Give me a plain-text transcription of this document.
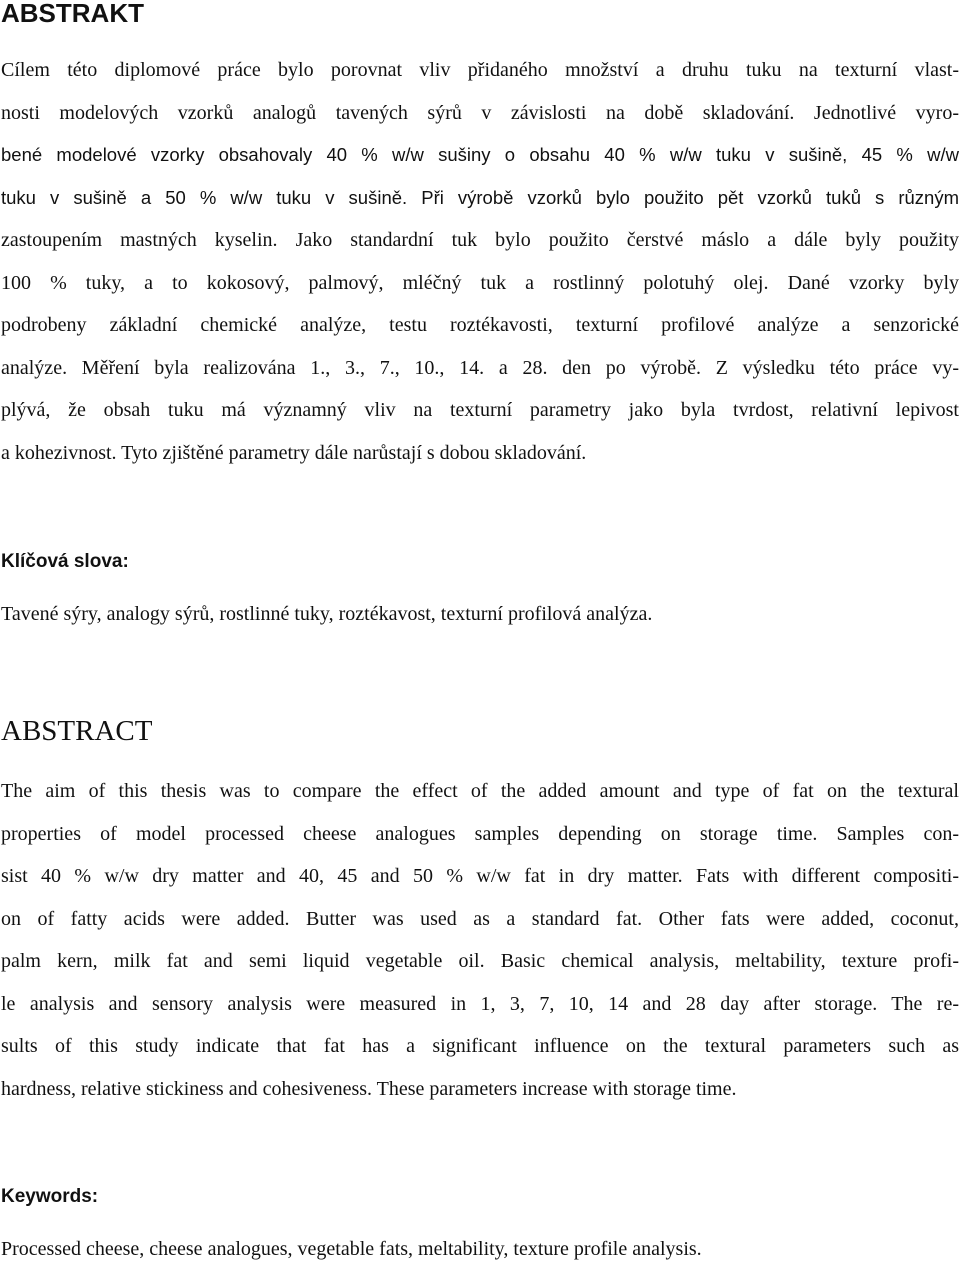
ABSTRAKT
Cílem této diplomové práce bylo porovnat vliv přidaného množství a druhu tuku na texturní vlast-
nosti modelových vzorků analogů tavených sýrů v závislosti na době skladování. Jednotlivé vyro-
bené modelové vzorky obsahovaly 40 % w/w sušiny o obsahu 40 % w/w tuku v sušině, 45 % w/w
tuku v sušině a 50 % w/w tuku v sušině. Při výrobě vzorků bylo použito pět vzorků tuků s různým
zastoupením mastných kyselin. Jako standardní tuk bylo použito čerstvé máslo a dále byly použity
100 % tuky, a to kokosový, palmový, mléčný tuk a rostlinný polotuhý olej. Dané vzorky byly
podrobeny základní chemické analýze, testu roztékavosti, texturní profilové analýze a senzorické
analýze. Měření byla realizována 1., 3., 7., 10., 14. a 28. den po výrobě. Z výsledku této práce vy-
plývá, že obsah tuku má významný vliv na texturní parametry jako byla tvrdost, relativní lepivost
a kohezivnost. Tyto zjištěné parametry dále narůstají s dobou skladování.
Klíčová slova:
Tavené sýry, analogy sýrů, rostlinné tuky, roztékavost, texturní profilová analýza.
ABSTRACT
The aim of this thesis was to compare the effect of the added amount and type of fat on the textural
properties of model processed cheese analogues samples depending on storage time. Samples con-
sist 40 % w/w dry matter and 40, 45 and 50 % w/w fat in dry matter. Fats with different compositi-
on of fatty acids were added. Butter was used as a standard fat. Other fats were added, coconut,
palm kern, milk fat and semi liquid vegetable oil. Basic chemical analysis, meltability, texture profi-
le analysis and sensory analysis were measured in 1, 3, 7, 10, 14 and 28 day after storage. The re-
sults of this study indicate that fat has a significant influence on the textural parameters such as
hardness, relative stickiness and cohesiveness. These parameters increase with storage time.
Keywords:
Processed cheese, cheese analogues, vegetable fats, meltability, texture profile analysis.
